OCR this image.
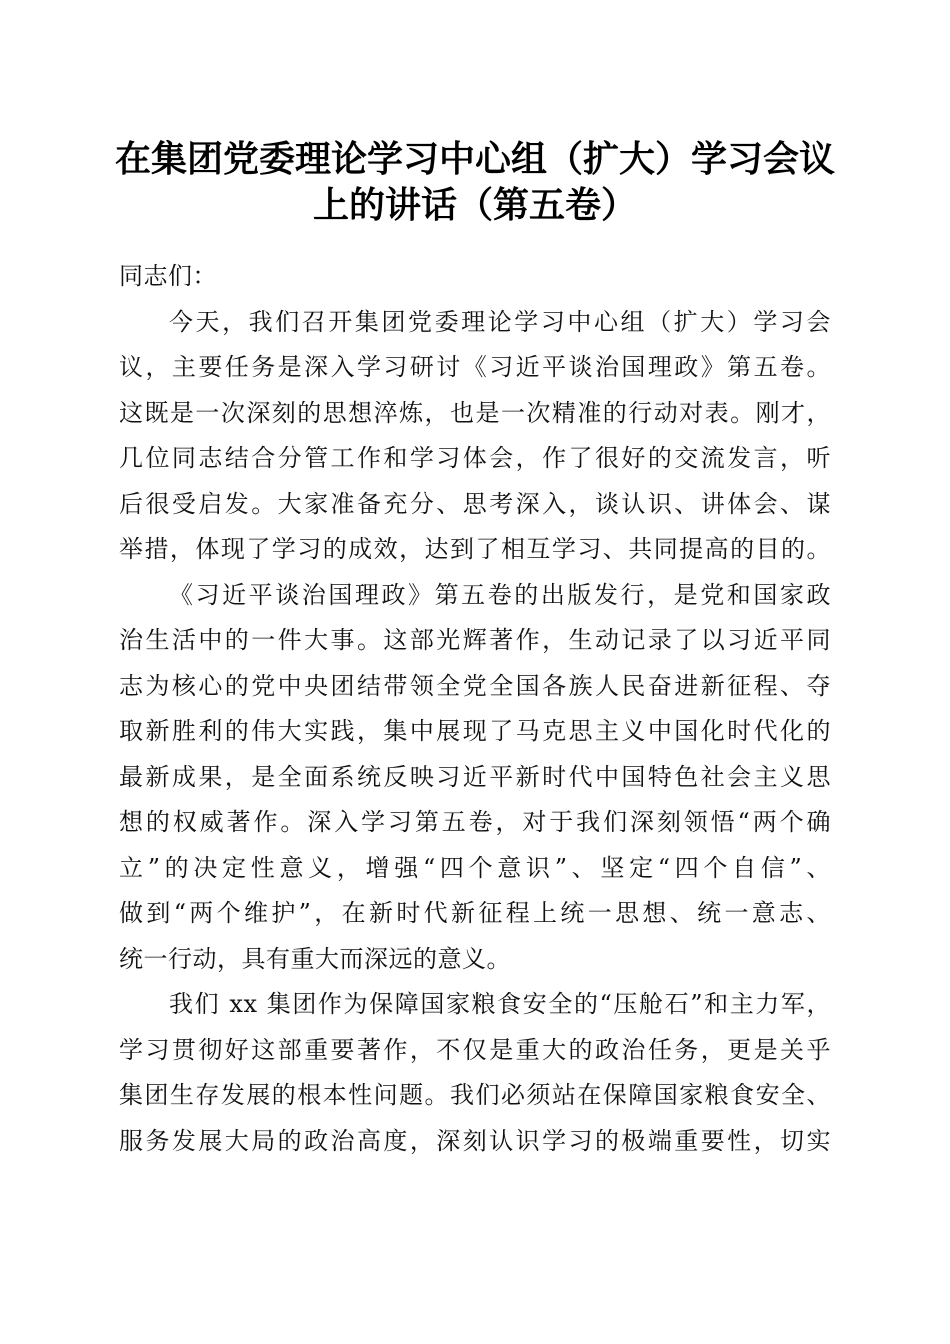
在集团党委理论学习中心组（扩大）学习会议
上的讲话（第五卷）
同志们：
今天，我们召开集团党委理论学习中心组（扩大）学习会
议，主要任务是深入学习研讨《习近平谈治国理政》第五卷。
这既是一次深刻的思想淬炼，也是一次精准的行动对表。刚才，
几位同志结合分管工作和学习体会，作了很好的交流发言，听
后很受启发。大家准备充分、思考深入，谈认识、讲体会、谋
举措，体现了学习的成效，达到了相互学习、共同提高的目的。
《习近平谈治国理政》第五卷的出版发行，是党和国家政
治生活中的一件大事。这部光辉著作，生动记录了以习近平同
志为核心的党中央团结带领全党全国各族人民奋进新征程、夺
取新胜利的伟大实践，集中展现了马克思主义中国化时代化的
最新成果，是全面系统反映习近平新时代中国特色社会主义思
想的权威著作。深入学习第五卷，对于我们深刻领悟“两个确
立”的决定性意义，增强“四个意识”、坚定“四个自信”、
做到“两个维护”，在新时代新征程上统一思想、统一意志、
统一行动，具有重大而深远的意义。
我们 xx 集团作为保障国家粮食安全的“压舱石”和主力军，
学习贯彻好这部重要著作，不仅是重大的政治任务，更是关乎
集团生存发展的根本性问题。我们必须站在保障国家粮食安全、
服务发展大局的政治高度，深刻认识学习的极端重要性，切实
